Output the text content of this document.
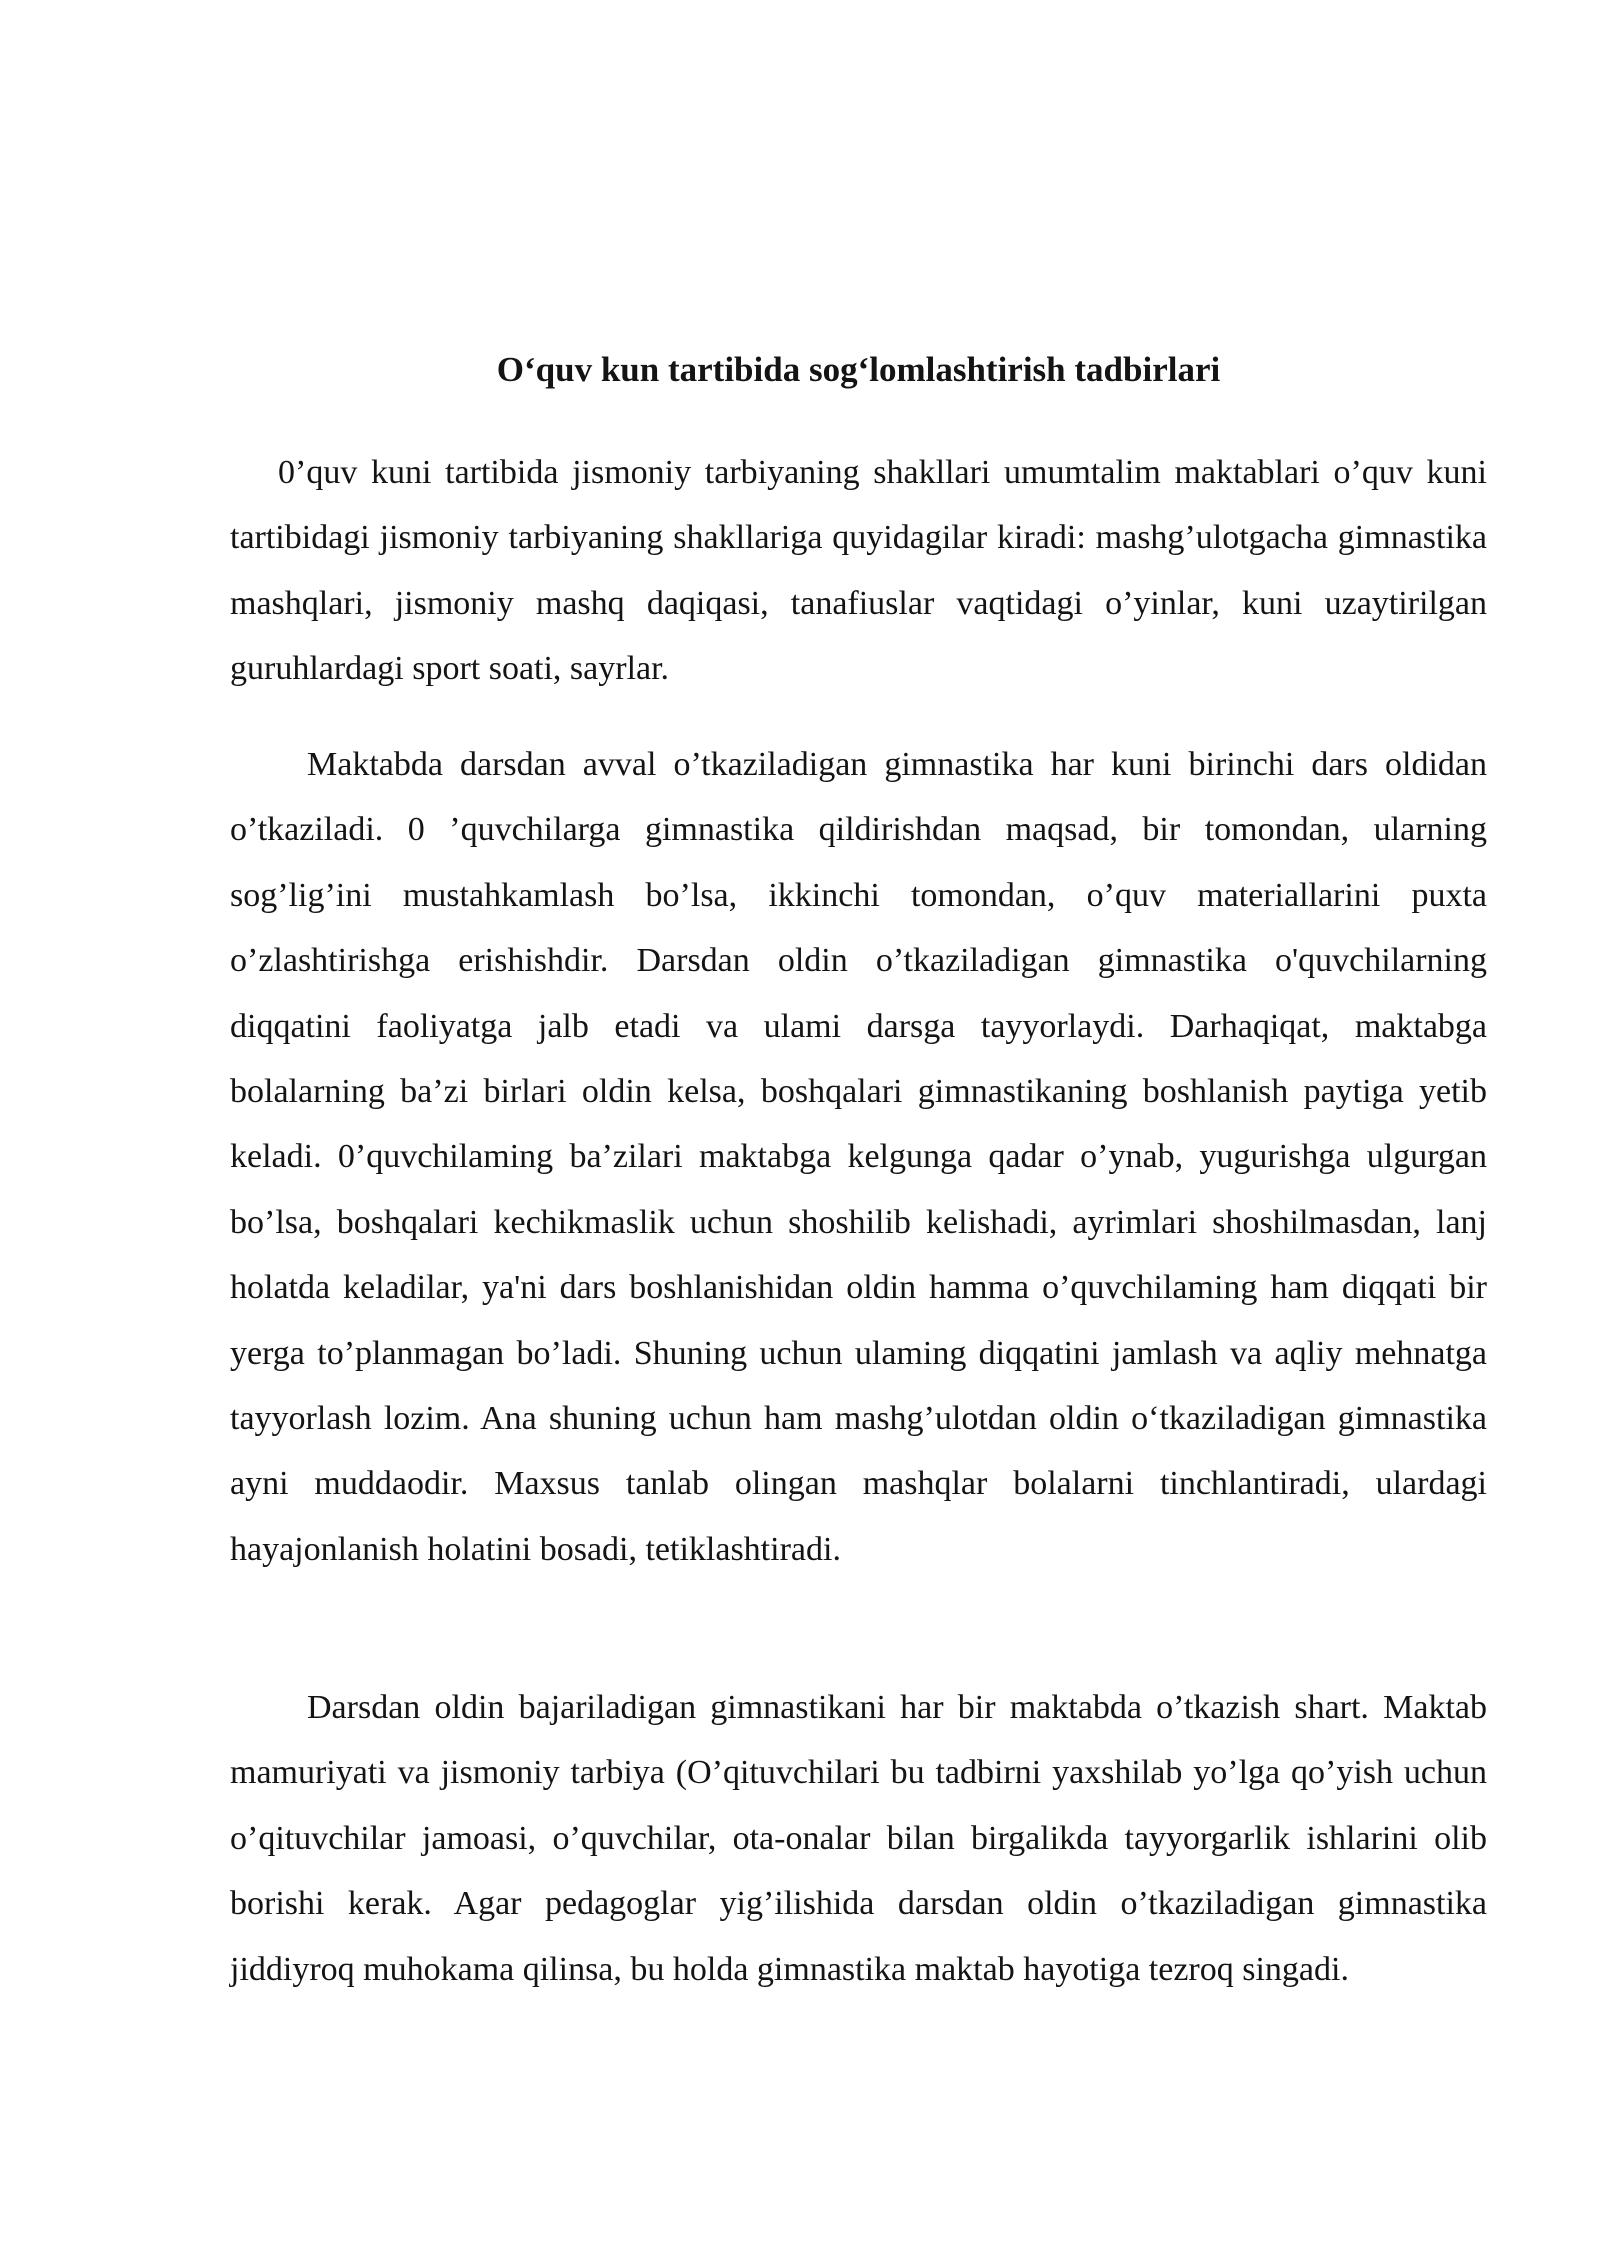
O‘quv kun tartibida sog‘lomlashtirish tadbirlari

0’quv kuni tartibida jismoniy tarbiyaning shakllari umumtalim maktablari o’quv kuni tartibidagi jismoniy tarbiyaning shakllariga quyidagilar kiradi: mashg’ulotgacha gimnastika mashqlari, jismoniy mashq daqiqasi, tanafiuslar vaqtidagi o’yinlar, kuni uzaytirilgan guruhlardagi sport soati, sayrlar.

Maktabda darsdan avval o’tkaziladigan gimnastika har kuni birinchi dars oldidan o’tkaziladi. 0 ’quvchilarga gimnastika qildirishdan maqsad, bir tomondan, ularning sog’lig’ini mustahkamlash bo’lsa, ikkinchi tomondan, o’quv materiallarini puxta o’zlashtirishga erishishdir. Darsdan oldin o’tkaziladigan gimnastika o'quvchilarning diqqatini faoliyatga jalb etadi va ulami darsga tayyorlaydi. Darhaqiqat, maktabga bolalarning ba’zi birlari oldin kelsa, boshqalari gimnastikaning boshlanish paytiga yetib keladi. 0’quvchilaming ba’zilari maktabga kelgunga qadar o’ynab, yugurishga ulgurgan bo’lsa, boshqalari kechikmaslik uchun shoshilib kelishadi, ayrimlari shoshilmasdan, lanj holatda keladilar, ya'ni dars boshlanishidan oldin hamma o’quvchilaming ham diqqati bir yerga to’planmagan bo’ladi. Shuning uchun ulaming diqqatini jamlash va aqliy mehnatga tayyorlash lozim. Ana shuning uchun ham mashg’ulotdan oldin o‘tkaziladigan gimnastika ayni muddaodir. Maxsus tanlab olingan mashqlar bolalarni tinchlantiradi, ulardagi hayajonlanish holatini bosadi, tetiklashtiradi.

Darsdan oldin bajariladigan gimnastikani har bir maktabda o’tkazish shart. Maktab mamuriyati va jismoniy tarbiya (O’qituvchilari bu tadbirni yaxshilab yo’lga qo’yish uchun o’qituvchilar jamoasi, o’quvchilar, ota-onalar bilan birgalikda tayyorgarlik ishlarini olib borishi kerak. Agar pedagoglar yig’ilishida darsdan oldin o’tkaziladigan gimnastika jiddiyroq muhokama qilinsa, bu holda gimnastika maktab hayotiga tezroq singadi.
